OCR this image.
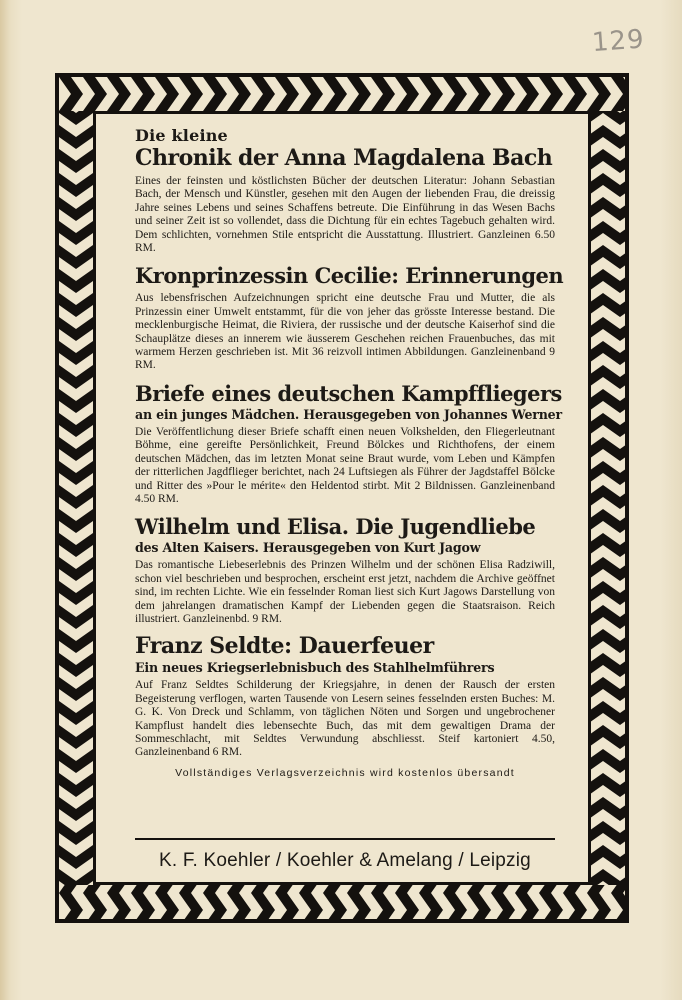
129
Die kleine
Chronik der Anna Magdalena Bach
Eines der feinsten und köstlichsten Bücher der deutschen Literatur: Johann Sebastian Bach, der Mensch und Künstler, gesehen mit den Augen der liebenden Frau, die dreissig Jahre seines Lebens und seines Schaffens betreute. Die Einführung in das Wesen Bachs und seiner Zeit ist so vollendet, dass die Dichtung für ein echtes Tagebuch gehalten wird. Dem schlichten, vornehmen Stile entspricht die Ausstattung. Illustriert. Ganzleinen 6.50 RM.
Kronprinzessin Cecilie: Erinnerungen
Aus lebensfrischen Aufzeichnungen spricht eine deutsche Frau und Mutter, die als Prinzessin einer Umwelt entstammt, für die von jeher das grösste Interesse bestand. Die mecklenburgische Heimat, die Riviera, der russische und der deutsche Kaiserhof sind die Schauplätze dieses an innerem wie äusserem Geschehen reichen Frauenbuches, das mit warmem Herzen geschrieben ist. Mit 36 reizvoll intimen Abbildungen. Ganzleinenband 9 RM.
Briefe eines deutschen Kampffliegers
an ein junges Mädchen. Herausgegeben von Johannes Werner
Die Veröffentlichung dieser Briefe schafft einen neuen Volkshelden, den Fliegerleutnant Böhme, eine gereifte Persönlichkeit, Freund Bölckes und Richthofens, der einem deutschen Mädchen, das im letzten Monat seine Braut wurde, vom Leben und Kämpfen der ritterlichen Jagdflieger berichtet, nach 24 Luftsiegen als Führer der Jagdstaffel Bölcke und Ritter des »Pour le mérite« den Heldentod stirbt. Mit 2 Bildnissen. Ganzleinenband 4.50 RM.
Wilhelm und Elisa. Die Jugendliebe
des Alten Kaisers. Herausgegeben von Kurt Jagow
Das romantische Liebeserlebnis des Prinzen Wilhelm und der schönen Elisa Radziwill, schon viel beschrieben und besprochen, erscheint erst jetzt, nachdem die Archive geöffnet sind, im rechten Lichte. Wie ein fesselnder Roman liest sich Kurt Jagows Darstellung von dem jahrelangen dramatischen Kampf der Liebenden gegen die Staatsraison. Reich illustriert. Ganzleinenbd. 9 RM.
Franz Seldte: Dauerfeuer
Ein neues Kriegserlebnisbuch des Stahlhelmführers
Auf Franz Seldtes Schilderung der Kriegsjahre, in denen der Rausch der ersten Begeisterung verflogen, warten Tausende von Lesern seines fesselnden ersten Buches: M. G. K. Von Dreck und Schlamm, von täglichen Nöten und Sorgen und ungebrochener Kampflust handelt dies lebensechte Buch, das mit dem gewaltigen Drama der Sommeschlacht, mit Seldtes Verwundung abschliesst. Steif kartoniert 4.50, Ganzleinenband 6 RM.
Vollständiges Verlagsverzeichnis wird kostenlos übersandt
K. F. Koehler / Koehler & Amelang / Leipzig
